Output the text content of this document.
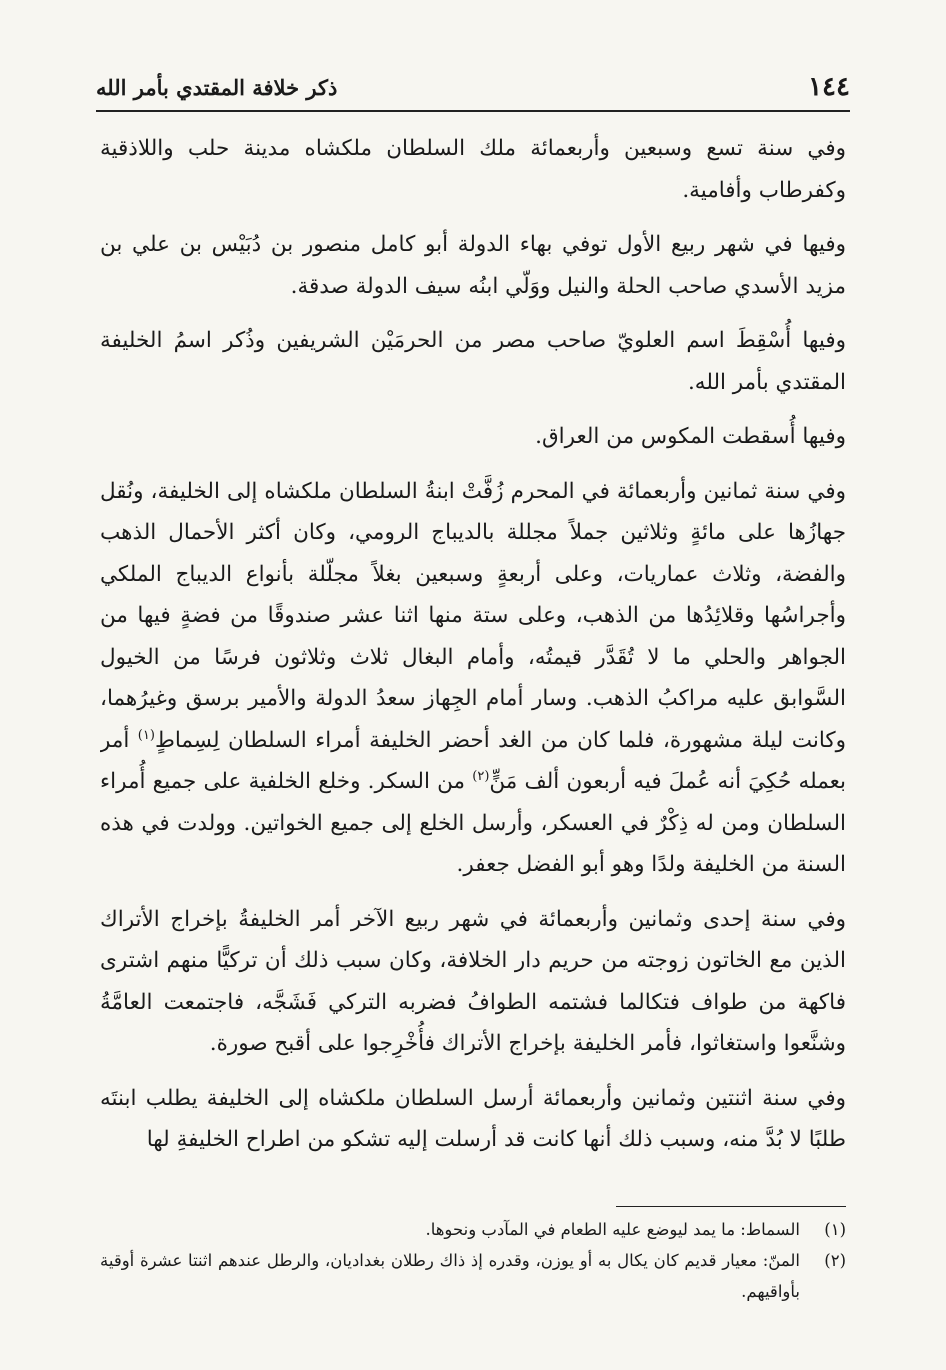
١٤٤
ذكر خلافة المقتدي بأمر الله

وفي سنة تسع وسبعين وأربعمائة ملك السلطان ملكشاه مدينة حلب واللاذقية وكفرطاب وأفامية.

وفيها في شهر ربيع الأول توفي بهاء الدولة أبو كامل منصور بن دُبَيْس بن علي بن مزيد الأسدي صاحب الحلة والنيل ووَلّي ابنُه سيف الدولة صدقة.

وفيها أُسْقِطَ اسم العلويّ صاحب مصر من الحرمَيْن الشريفين وذُكر اسمُ الخليفة المقتدي بأمر الله.

وفيها أُسقطت المكوس من العراق.

وفي سنة ثمانين وأربعمائة في المحرم زُفَّتْ ابنةُ السلطان ملكشاه إلى الخليفة، ونُقل جهازُها على مائةٍ وثلاثين جملاً مجللة بالديباج الرومي، وكان أكثر الأحمال الذهب والفضة، وثلاث عماريات، وعلى أربعةٍ وسبعين بغلاً مجلّلة بأنواع الديباج الملكي وأجراسُها وقلائِدُها من الذهب، وعلى ستة منها اثنا عشر صندوقًا من فضةٍ فيها من الجواهر والحلي ما لا تُقَدَّر قيمتُه، وأمام البغال ثلاث وثلاثون فرسًا من الخيول السَّوابق عليه مراكبُ الذهب. وسار أمام الجِهاز سعدُ الدولة والأمير برسق وغيرُهما، وكانت ليلة مشهورة، فلما كان من الغد أحضر الخليفة أمراء السلطان لِسِماطٍ$^{(١)}$ أمر بعمله حُكِيَ أنه عُملَ فيه أربعون ألف مَنٍّ$^{(٢)}$ من السكر. وخلع الخلفية على جميع أُمراء السلطان ومن له ذِكْرٌ في العسكر، وأرسل الخلع إلى جميع الخواتين. وولدت في هذه السنة من الخليفة ولدًا وهو أبو الفضل جعفر.

وفي سنة إحدى وثمانين وأربعمائة في شهر ربيع الآخر أمر الخليفةُ بإخراج الأتراك الذين مع الخاتون زوجته من حريم دار الخلافة، وكان سبب ذلك أن تركيًّا منهم اشترى فاكهة من طواف فتكالما فشتمه الطوافُ فضربه التركي فَشَجَّه، فاجتمعت العامَّةُ وشنَّعوا واستغاثوا، فأمر الخليفة بإخراج الأتراك فأُخْرِجوا على أقبح صورة.

وفي سنة اثنتين وثمانين وأربعمائة أرسل السلطان ملكشاه إلى الخليفة يطلب ابنتَه طلبًا لا بُدَّ منه، وسبب ذلك أنها كانت قد أرسلت إليه تشكو من اطراح الخليفةِ لها

(١)
السماط: ما يمد ليوضع عليه الطعام في المآدب ونحوها.
(٢)
المنّ: معيار قديم كان يكال به أو يوزن، وقدره إذ ذاك رطلان بغداديان، والرطل عندهم اثنتا عشرة أوقية بأواقيهم.
